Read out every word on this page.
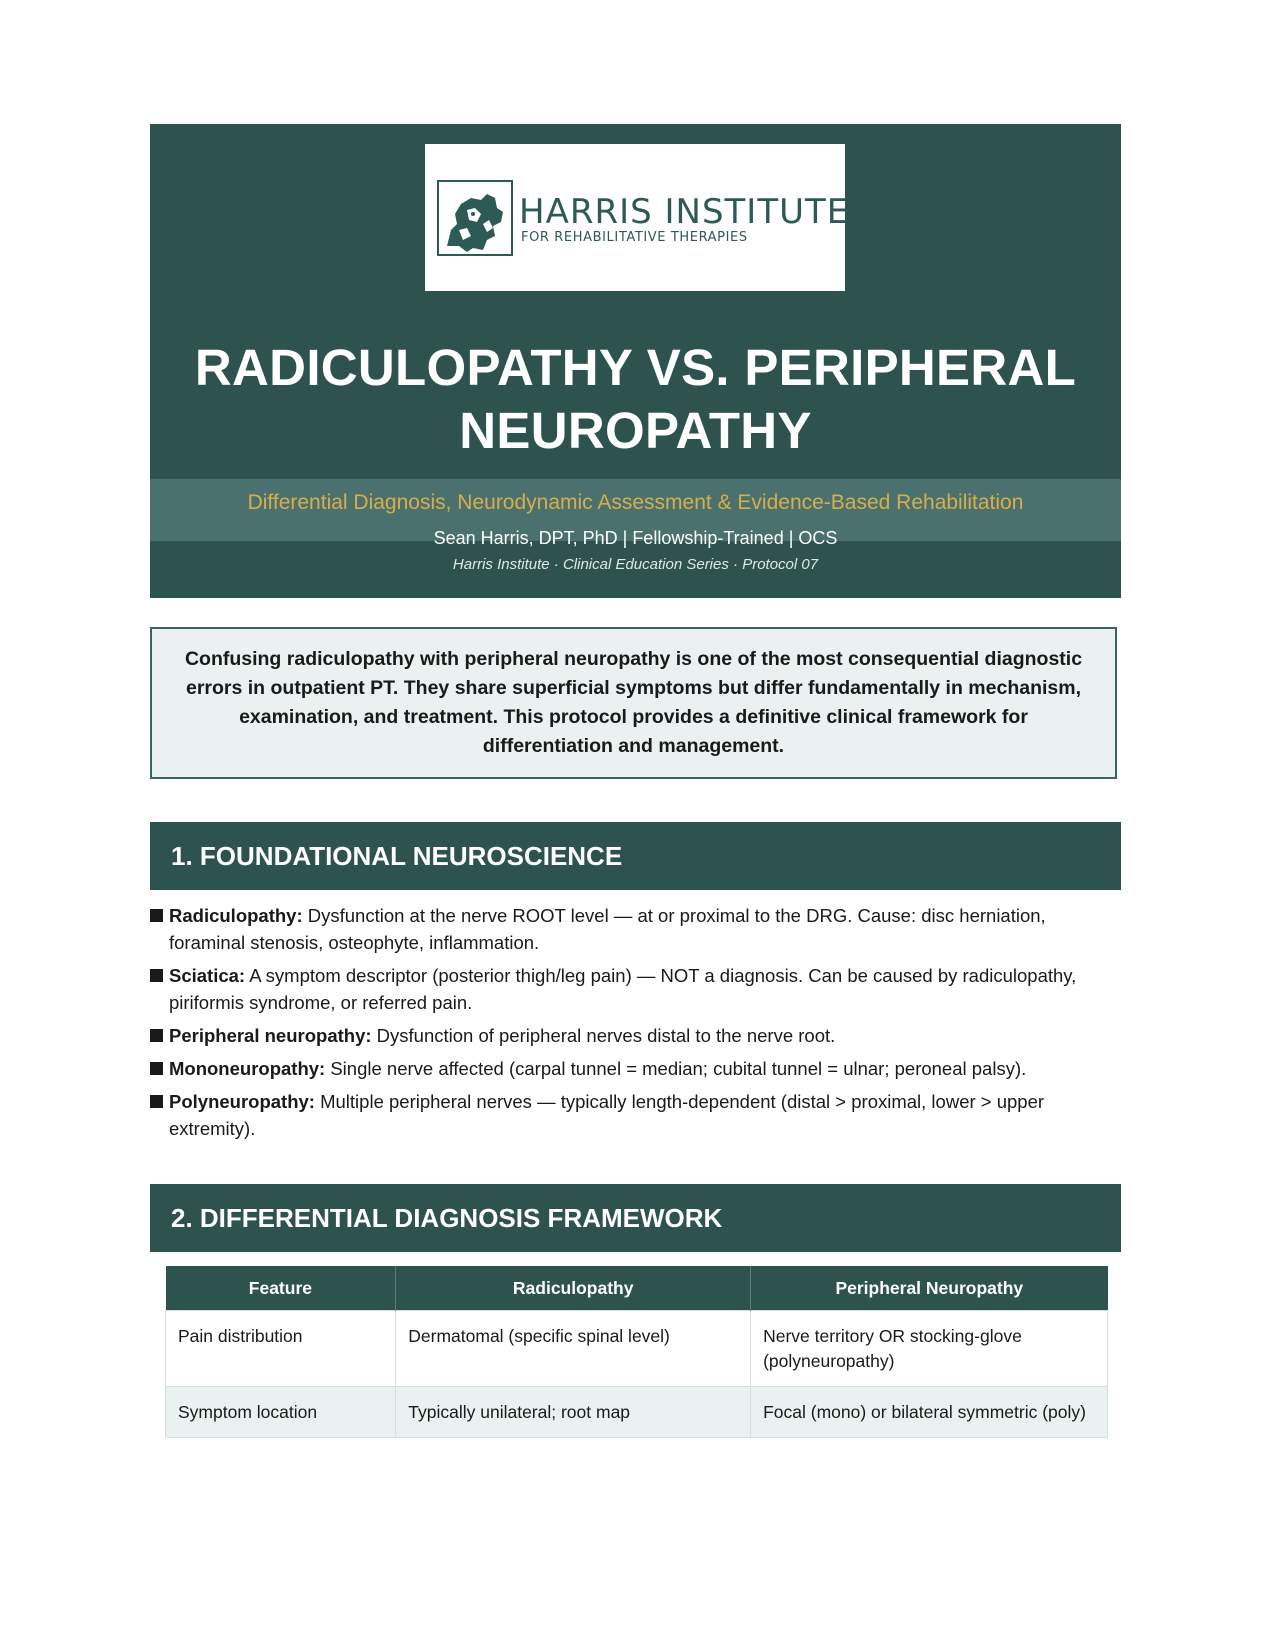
HARRIS INSTITUTE
FOR REHABILITATIVE THERAPIES
RADICULOPATHY VS. PERIPHERAL
NEUROPATHY
Differential Diagnosis, Neurodynamic Assessment & Evidence-Based Rehabilitation
Sean Harris, DPT, PhD | Fellowship-Trained | OCS
Harris Institute · Clinical Education Series · Protocol 07
Confusing radiculopathy with peripheral neuropathy is one of the most consequential diagnostic errors in outpatient PT. They share superficial symptoms but differ fundamentally in mechanism, examination, and treatment. This protocol provides a definitive clinical framework for differentiation and management.
1. FOUNDATIONAL NEUROSCIENCE
Radiculopathy: Dysfunction at the nerve ROOT level — at or proximal to the DRG. Cause: disc herniation, foraminal stenosis, osteophyte, inflammation.
Sciatica: A symptom descriptor (posterior thigh/leg pain) — NOT a diagnosis. Can be caused by radiculopathy, piriformis syndrome, or referred pain.
Peripheral neuropathy: Dysfunction of peripheral nerves distal to the nerve root.
Mononeuropathy: Single nerve affected (carpal tunnel = median; cubital tunnel = ulnar; peroneal palsy).
Polyneuropathy: Multiple peripheral nerves — typically length-dependent (distal > proximal, lower > upper extremity).
2. DIFFERENTIAL DIAGNOSIS FRAMEWORK
Feature	Radiculopathy	Peripheral Neuropathy
Pain distribution	Dermatomal (specific spinal level)	Nerve territory OR stocking-glove (polyneuropathy)
Symptom location	Typically unilateral; root map	Focal (mono) or bilateral symmetric (poly)
